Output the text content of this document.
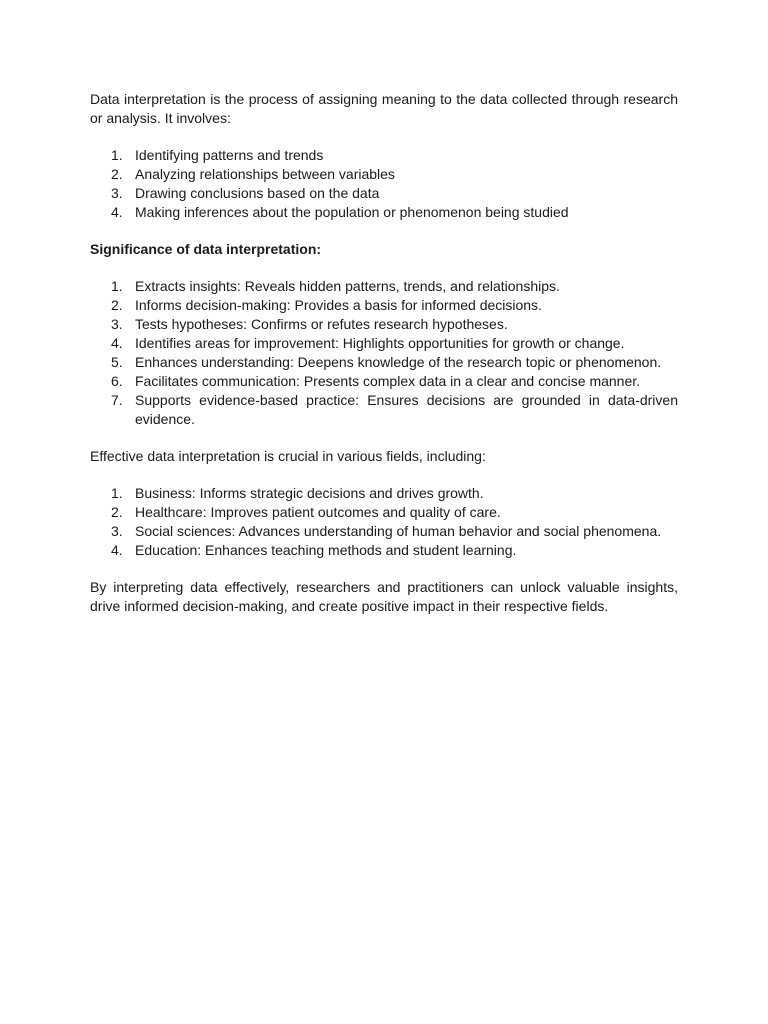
Data interpretation is the process of assigning meaning to the data collected through research or analysis. It involves:

1. Identifying patterns and trends
2. Analyzing relationships between variables
3. Drawing conclusions based on the data
4. Making inferences about the population or phenomenon being studied

Significance of data interpretation:

1. Extracts insights: Reveals hidden patterns, trends, and relationships.
2. Informs decision-making: Provides a basis for informed decisions.
3. Tests hypotheses: Confirms or refutes research hypotheses.
4. Identifies areas for improvement: Highlights opportunities for growth or change.
5. Enhances understanding: Deepens knowledge of the research topic or phenomenon.
6. Facilitates communication: Presents complex data in a clear and concise manner.
7. Supports evidence-based practice: Ensures decisions are grounded in data-driven evidence.

Effective data interpretation is crucial in various fields, including:

1. Business: Informs strategic decisions and drives growth.
2. Healthcare: Improves patient outcomes and quality of care.
3. Social sciences: Advances understanding of human behavior and social phenomena.
4. Education: Enhances teaching methods and student learning.

By interpreting data effectively, researchers and practitioners can unlock valuable insights, drive informed decision-making, and create positive impact in their respective fields.
